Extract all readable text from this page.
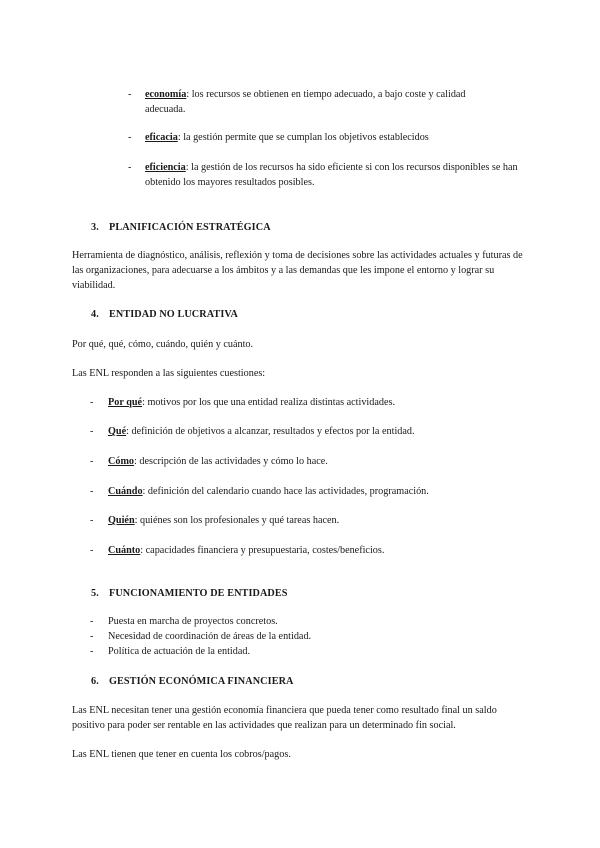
-	economía: los recursos se obtienen en tiempo adecuado, a bajo coste y calidad adecuada.
-	eficacia: la gestión permite que se cumplan los objetivos establecidos
-	eficiencia: la gestión de los recursos ha sido eficiente si con los recursos disponibles se han obtenido los mayores resultados posibles.
3. PLANIFICACIÓN ESTRATÉGICA
Herramienta de diagnóstico, análisis, reflexión y toma de decisiones sobre las actividades actuales y futuras de las organizaciones, para adecuarse a los ámbitos y a las demandas que les impone el entorno y lograr su viabilidad.
4. ENTIDAD NO LUCRATIVA
Por qué, qué, cómo, cuándo, quién y cuánto.
Las ENL responden a las siguientes cuestiones:
-	Por qué: motivos por los que una entidad realiza distintas actividades.
-	Qué: definición de objetivos a alcanzar, resultados y efectos por la entidad.
-	Cómo: descripción de las actividades y cómo lo hace.
-	Cuándo: definición del calendario cuando hace las actividades, programación.
-	Quién: quiénes son los profesionales y qué tareas hacen.
-	Cuánto: capacidades financiera y presupuestaria, costes/beneficios.
5. FUNCIONAMIENTO DE ENTIDADES
-	Puesta en marcha de proyectos concretos.
-	Necesidad de coordinación de áreas de la entidad.
-	Política de actuación de la entidad.
6. GESTIÓN ECONÓMICA FINANCIERA
Las ENL necesitan tener una gestión economía financiera que pueda tener como resultado final un saldo positivo para poder ser rentable en las actividades que realizan para un determinado fin social.
Las ENL tienen que tener en cuenta los cobros/pagos.
